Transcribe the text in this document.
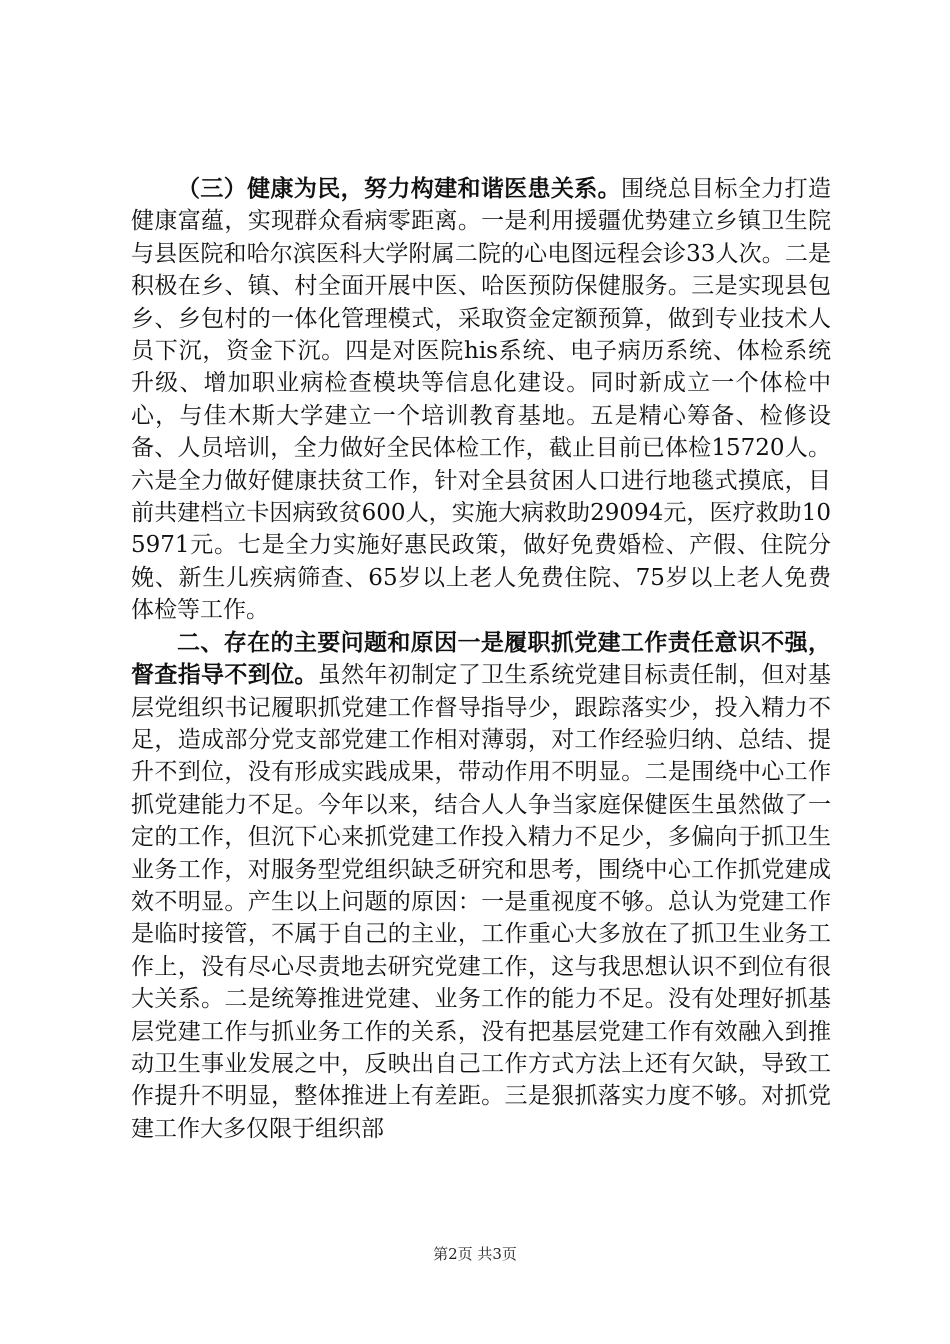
（三）健康为民，努力构建和谐医患关系。围绕总目标全力打造健康富蕴，实现群众看病零距离。一是利用援疆优势建立乡镇卫生院与县医院和哈尔滨医科大学附属二院的心电图远程会诊33人次。二是积极在乡、镇、村全面开展中医、哈医预防保健服务。三是实现县包乡、乡包村的一体化管理模式，采取资金定额预算，做到专业技术人员下沉，资金下沉。四是对医院his系统、电子病历系统、体检系统升级、增加职业病检查模块等信息化建设。同时新成立一个体检中心，与佳木斯大学建立一个培训教育基地。五是精心筹备、检修设备、人员培训，全力做好全民体检工作，截止目前已体检15720人。六是全力做好健康扶贫工作，针对全县贫困人口进行地毯式摸底，目前共建档立卡因病致贫600人，实施大病救助29094元，医疗救助105971元。七是全力实施好惠民政策，做好免费婚检、产假、住院分娩、新生儿疾病筛查、65岁以上老人免费住院、75岁以上老人免费体检等工作。

二、存在的主要问题和原因一是履职抓党建工作责任意识不强，督查指导不到位。虽然年初制定了卫生系统党建目标责任制，但对基层党组织书记履职抓党建工作督导指导少，跟踪落实少，投入精力不足，造成部分党支部党建工作相对薄弱，对工作经验归纳、总结、提升不到位，没有形成实践成果，带动作用不明显。二是围绕中心工作抓党建能力不足。今年以来，结合人人争当家庭保健医生虽然做了一定的工作，但沉下心来抓党建工作投入精力不足少，多偏向于抓卫生业务工作，对服务型党组织缺乏研究和思考，围绕中心工作抓党建成效不明显。产生以上问题的原因：一是重视度不够。总认为党建工作是临时接管，不属于自己的主业，工作重心大多放在了抓卫生业务工作上，没有尽心尽责地去研究党建工作，这与我思想认识不到位有很大关系。二是统筹推进党建、业务工作的能力不足。没有处理好抓基层党建工作与抓业务工作的关系，没有把基层党建工作有效融入到推动卫生事业发展之中，反映出自己工作方式方法上还有欠缺，导致工作提升不明显，整体推进上有差距。三是狠抓落实力度不够。对抓党建工作大多仅限于组织部

第2页 共3页
